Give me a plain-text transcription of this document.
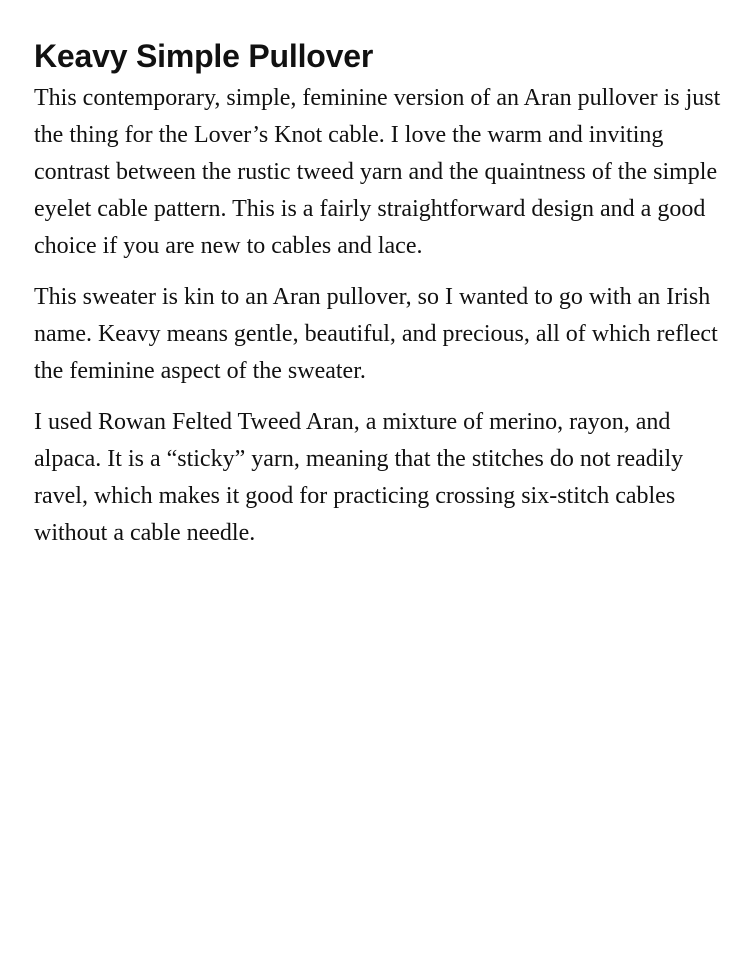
Keavy Simple Pullover

This contemporary, simple, feminine version of an Aran pullover is just the thing for the Lover’s Knot cable. I love the warm and inviting contrast between the rustic tweed yarn and the quaintness of the simple eyelet cable pattern. This is a fairly straightforward design and a good choice if you are new to cables and lace.

This sweater is kin to an Aran pullover, so I wanted to go with an Irish name. Keavy means gentle, beautiful, and precious, all of which reflect the feminine aspect of the sweater.

I used Rowan Felted Tweed Aran, a mixture of merino, rayon, and alpaca. It is a “sticky” yarn, meaning that the stitches do not readily ravel, which makes it good for practicing crossing six-stitch cables without a cable needle.
